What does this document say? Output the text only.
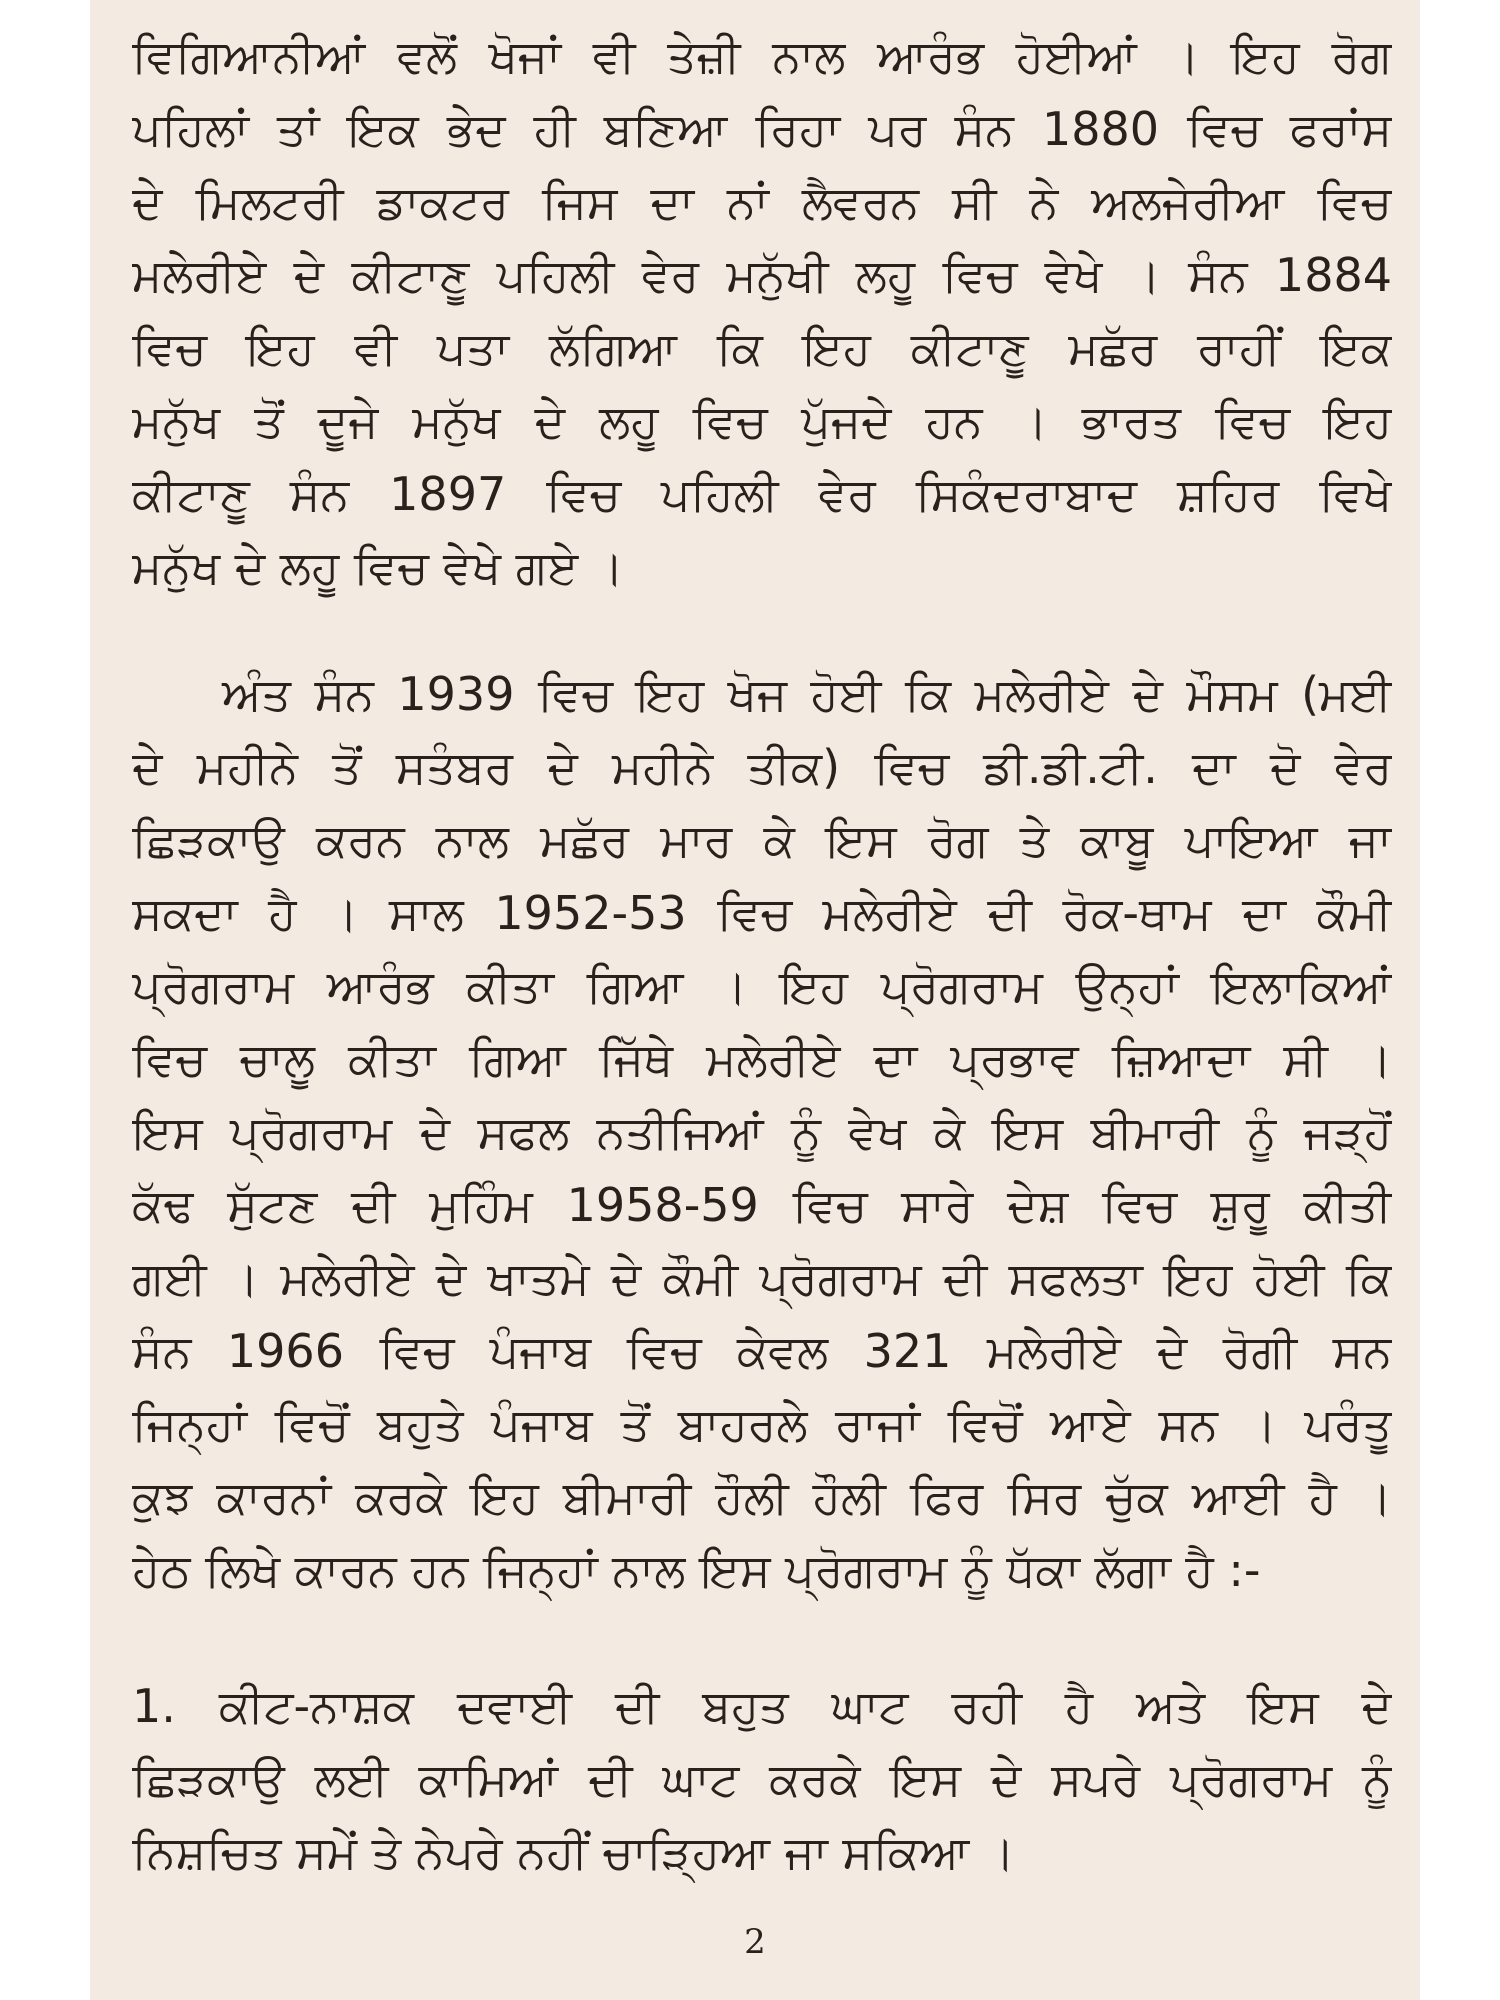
ਵਿਗਿਆਨੀਆਂ ਵਲੋਂ ਖੋਜਾਂ ਵੀ ਤੇਜ਼ੀ ਨਾਲ ਆਰੰਭ ਹੋਈਆਂ । ਇਹ ਰੋਗ
ਪਹਿਲਾਂ ਤਾਂ ਇਕ ਭੇਦ ਹੀ ਬਣਿਆ ਰਿਹਾ ਪਰ ਸੰਨ 1880 ਵਿਚ ਫਰਾਂਸ
ਦੇ ਮਿਲਟਰੀ ਡਾਕਟਰ ਜਿਸ ਦਾ ਨਾਂ ਲੈਵਰਨ ਸੀ ਨੇ ਅਲਜੇਰੀਆ ਵਿਚ
ਮਲੇਰੀਏ ਦੇ ਕੀਟਾਣੂ ਪਹਿਲੀ ਵੇਰ ਮਨੁੱਖੀ ਲਹੂ ਵਿਚ ਵੇਖੇ । ਸੰਨ 1884
ਵਿਚ ਇਹ ਵੀ ਪਤਾ ਲੱਗਿਆ ਕਿ ਇਹ ਕੀਟਾਣੂ ਮਛੱਰ ਰਾਹੀਂ ਇਕ
ਮਨੁੱਖ ਤੋਂ ਦੂਜੇ ਮਨੁੱਖ ਦੇ ਲਹੂ ਵਿਚ ਪੁੱਜਦੇ ਹਨ । ਭਾਰਤ ਵਿਚ ਇਹ
ਕੀਟਾਣੂ ਸੰਨ 1897 ਵਿਚ ਪਹਿਲੀ ਵੇਰ ਸਿਕੰਦਰਾਬਾਦ ਸ਼ਹਿਰ ਵਿਖੇ
ਮਨੁੱਖ ਦੇ ਲਹੂ ਵਿਚ ਵੇਖੇ ਗਏ ।
ਅੰਤ ਸੰਨ 1939 ਵਿਚ ਇਹ ਖੋਜ ਹੋਈ ਕਿ ਮਲੇਰੀਏ ਦੇ ਮੌਸਮ (ਮਈ
ਦੇ ਮਹੀਨੇ ਤੋਂ ਸਤੰਬਰ ਦੇ ਮਹੀਨੇ ਤੀਕ) ਵਿਚ ਡੀ.ਡੀ.ਟੀ. ਦਾ ਦੋ ਵੇਰ
ਛਿੜਕਾਉ ਕਰਨ ਨਾਲ ਮਛੱਰ ਮਾਰ ਕੇ ਇਸ ਰੋਗ ਤੇ ਕਾਬੂ ਪਾਇਆ ਜਾ
ਸਕਦਾ ਹੈ । ਸਾਲ 1952-53 ਵਿਚ ਮਲੇਰੀਏ ਦੀ ਰੋਕ-ਥਾਮ ਦਾ ਕੌਮੀ
ਪ੍ਰੋਗਰਾਮ ਆਰੰਭ ਕੀਤਾ ਗਿਆ । ਇਹ ਪ੍ਰੋਗਰਾਮ ਉਨ੍ਹਾਂ ਇਲਾਕਿਆਂ
ਵਿਚ ਚਾਲੂ ਕੀਤਾ ਗਿਆ ਜਿੱਥੇ ਮਲੇਰੀਏ ਦਾ ਪ੍ਰਭਾਵ ਜ਼ਿਆਦਾ ਸੀ ।
ਇਸ ਪ੍ਰੋਗਰਾਮ ਦੇ ਸਫਲ ਨਤੀਜਿਆਂ ਨੂੰ ਵੇਖ ਕੇ ਇਸ ਬੀਮਾਰੀ ਨੂੰ ਜੜ੍ਹੋਂ
ਕੱਢ ਸੁੱਟਣ ਦੀ ਮੁਹਿੰਮ 1958-59 ਵਿਚ ਸਾਰੇ ਦੇਸ਼ ਵਿਚ ਸ਼ੁਰੂ ਕੀਤੀ
ਗਈ । ਮਲੇਰੀਏ ਦੇ ਖਾਤਮੇ ਦੇ ਕੌਮੀ ਪ੍ਰੋਗਰਾਮ ਦੀ ਸਫਲਤਾ ਇਹ ਹੋਈ ਕਿ
ਸੰਨ 1966 ਵਿਚ ਪੰਜਾਬ ਵਿਚ ਕੇਵਲ 321 ਮਲੇਰੀਏ ਦੇ ਰੋਗੀ ਸਨ
ਜਿਨ੍ਹਾਂ ਵਿਚੋਂ ਬਹੁਤੇ ਪੰਜਾਬ ਤੋਂ ਬਾਹਰਲੇ ਰਾਜਾਂ ਵਿਚੋਂ ਆਏ ਸਨ । ਪਰੰਤੂ
ਕੁਝ ਕਾਰਨਾਂ ਕਰਕੇ ਇਹ ਬੀਮਾਰੀ ਹੌਲੀ ਹੌਲੀ ਫਿਰ ਸਿਰ ਚੁੱਕ ਆਈ ਹੈ ।
ਹੇਠ ਲਿਖੇ ਕਾਰਨ ਹਨ ਜਿਨ੍ਹਾਂ ਨਾਲ ਇਸ ਪ੍ਰੋਗਰਾਮ ਨੂੰ ਧੱਕਾ ਲੱਗਾ ਹੈ :-
1. ਕੀਟ-ਨਾਸ਼ਕ ਦਵਾਈ ਦੀ ਬਹੁਤ ਘਾਟ ਰਹੀ ਹੈ ਅਤੇ ਇਸ ਦੇ
ਛਿੜਕਾਉ ਲਈ ਕਾਮਿਆਂ ਦੀ ਘਾਟ ਕਰਕੇ ਇਸ ਦੇ ਸਪਰੇ ਪ੍ਰੋਗਰਾਮ ਨੂੰ
ਨਿਸ਼ਚਿਤ ਸਮੇਂ ਤੇ ਨੇਪਰੇ ਨਹੀਂ ਚਾੜ੍ਹਿਆ ਜਾ ਸਕਿਆ ।
2
